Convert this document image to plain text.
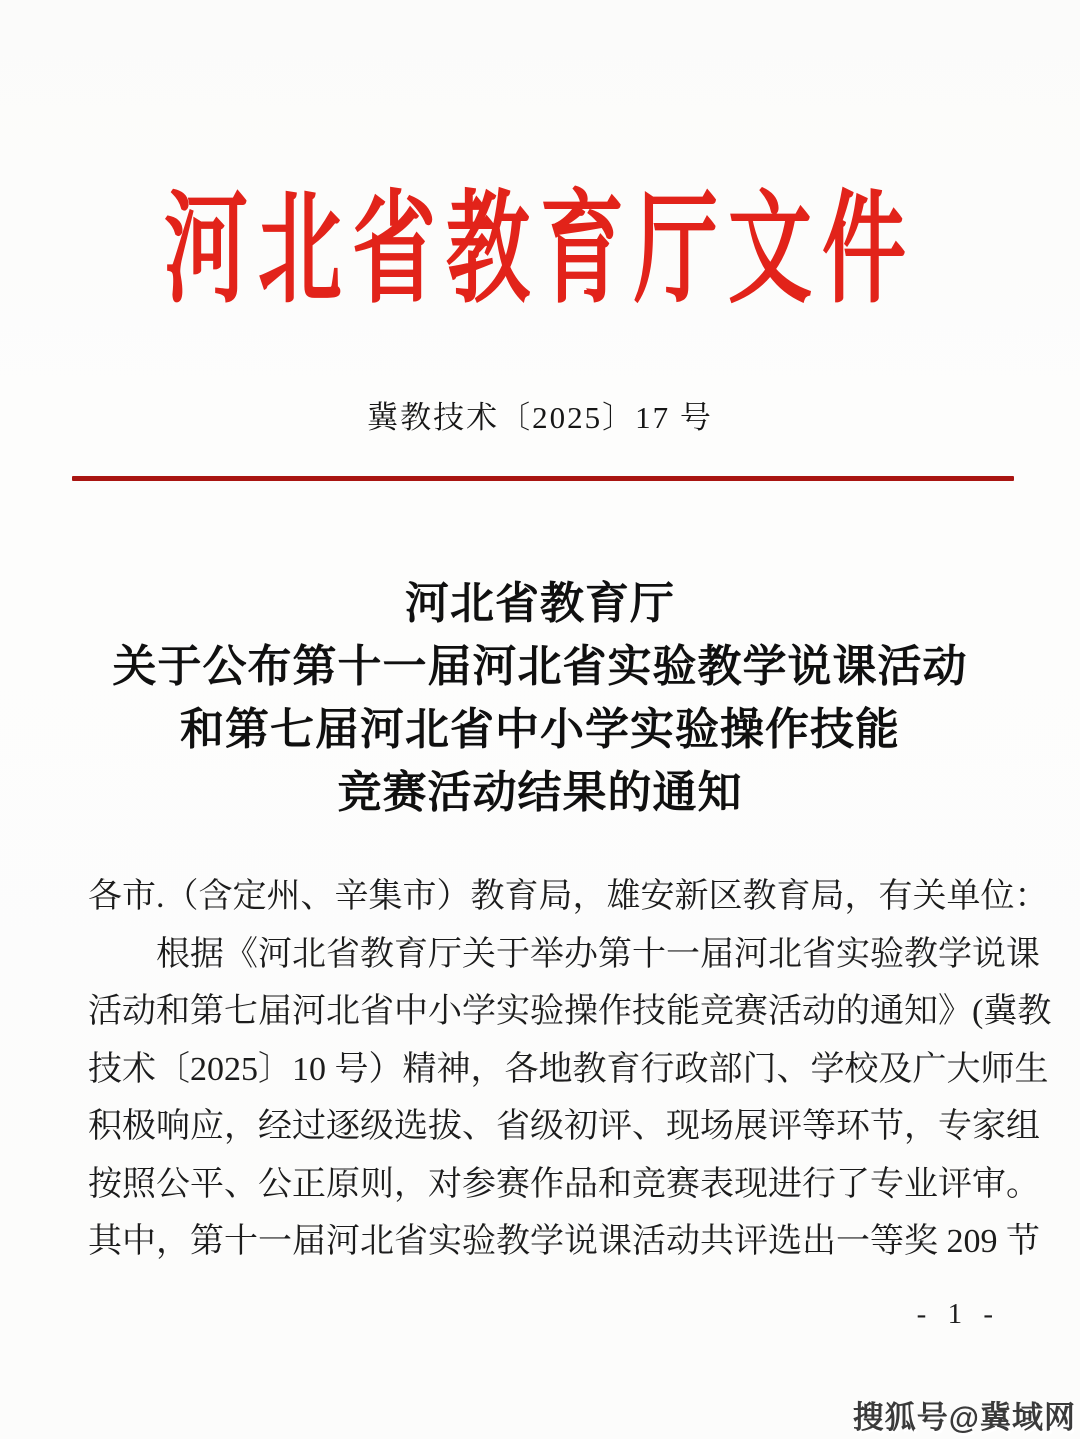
河北省教育厅文件
冀教技术〔2025〕17 号
河北省教育厅
关于公布第十一届河北省实验教学说课活动
和第七届河北省中小学实验操作技能
竞赛活动结果的通知
各市.（含定州、辛集市）教育局，雄安新区教育局，有关单位：
根据《河北省教育厅关于举办第十一届河北省实验教学说课
活动和第七届河北省中小学实验操作技能竞赛活动的通知》(冀教
技术〔2025〕10 号）精神，各地教育行政部门、学校及广大师生
积极响应，经过逐级选拔、省级初评、现场展评等环节，专家组
按照公平、公正原则，对参赛作品和竞赛表现进行了专业评审。
其中，第十一届河北省实验教学说课活动共评选出一等奖 209 节
- 1 -
搜狐号@冀域网
